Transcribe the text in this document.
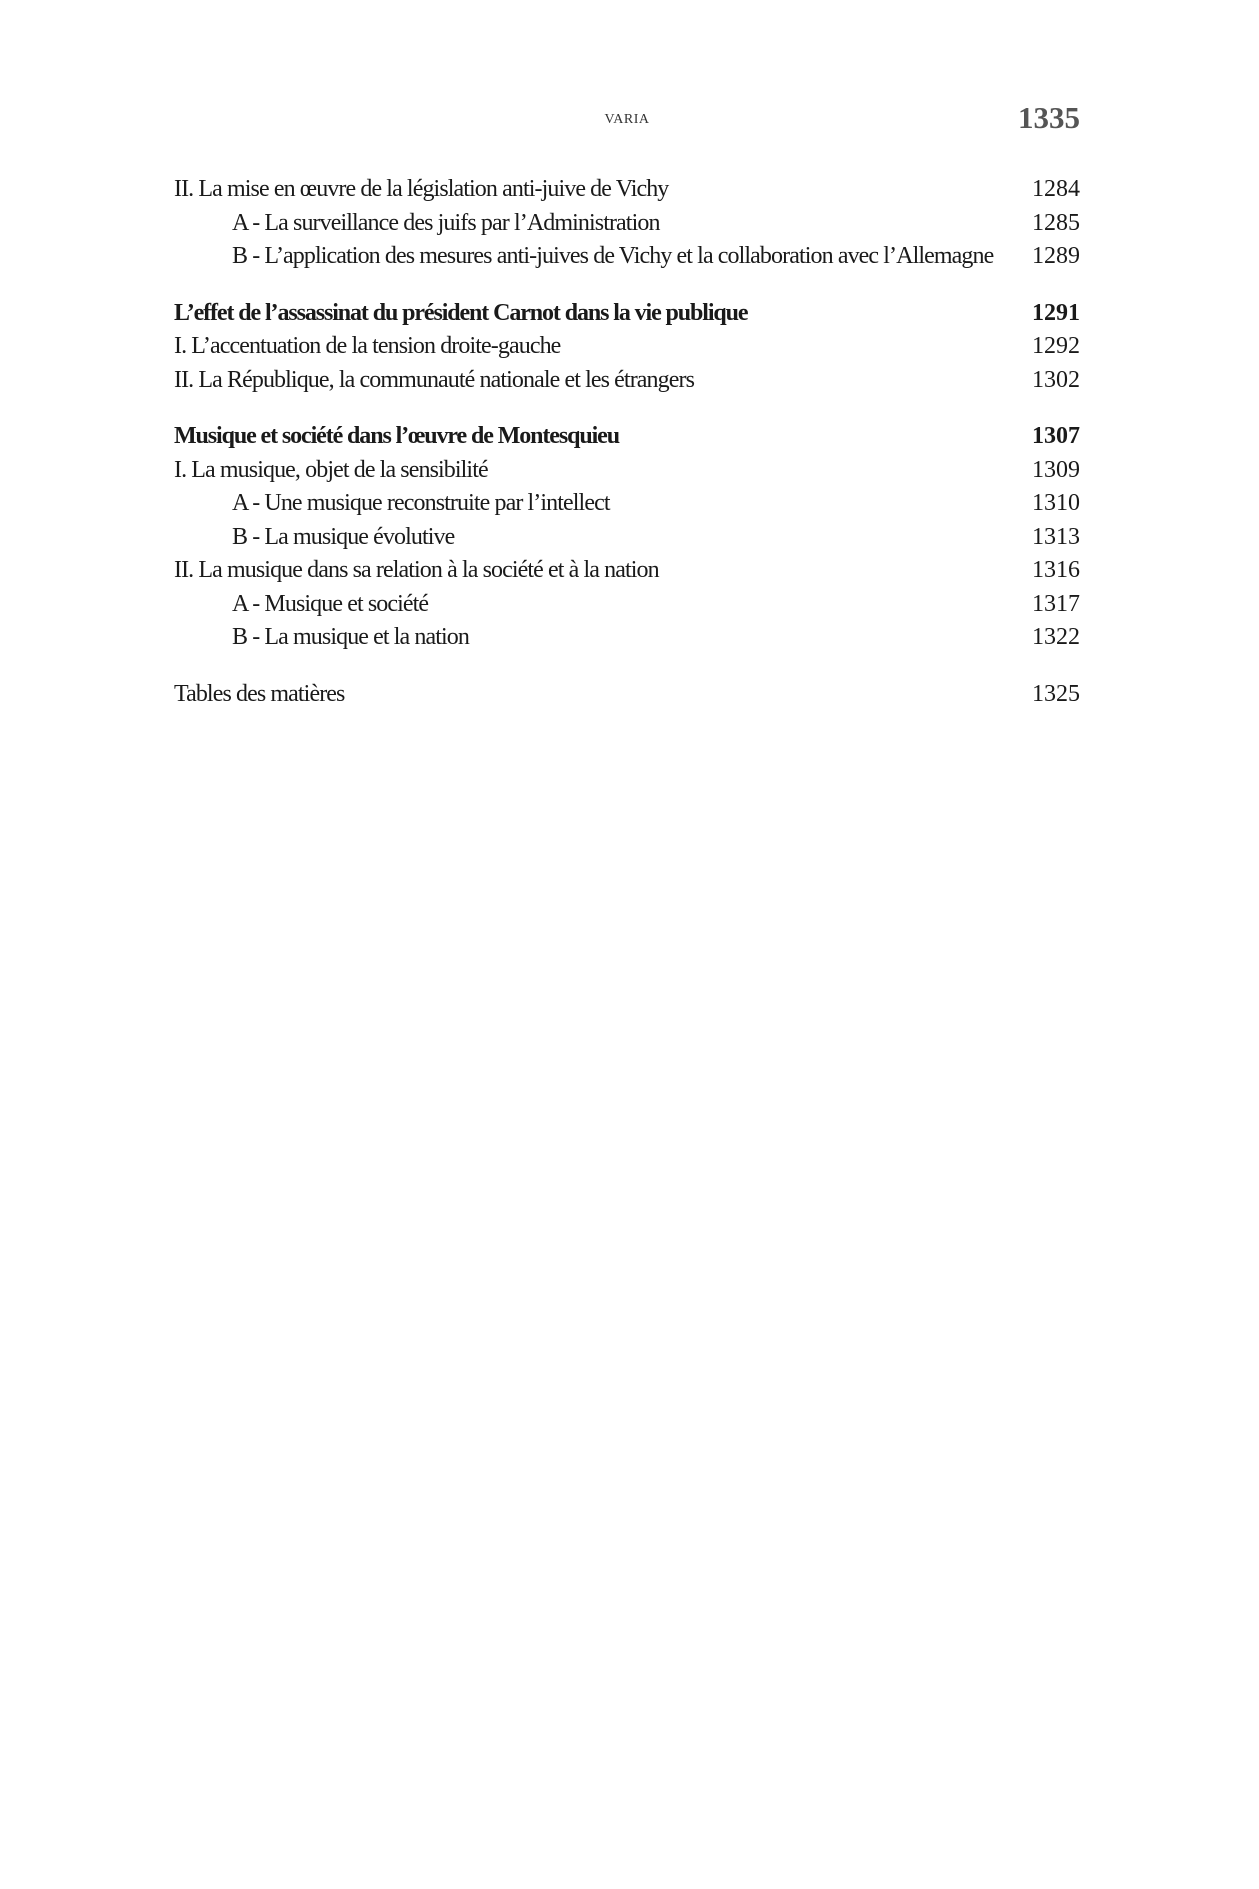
VARIA	1335
II. La mise en œuvre de la législation anti-juive de Vichy	1284
A - La surveillance des juifs par l’Administration	1285
B - L’application des mesures anti-juives de Vichy et la collaboration avec l’Allemagne	1289
L’effet de l’assassinat du président Carnot dans la vie publique	1291
I. L’accentuation de la tension droite-gauche	1292
II. La République, la communauté nationale et les étrangers	1302
Musique et société dans l’œuvre de Montesquieu	1307
I. La musique, objet de la sensibilité	1309
A - Une musique reconstruite par l’intellect	1310
B - La musique évolutive	1313
II. La musique dans sa relation à la société et à la nation	1316
A - Musique et société	1317
B - La musique et la nation	1322
Tables des matières	1325
